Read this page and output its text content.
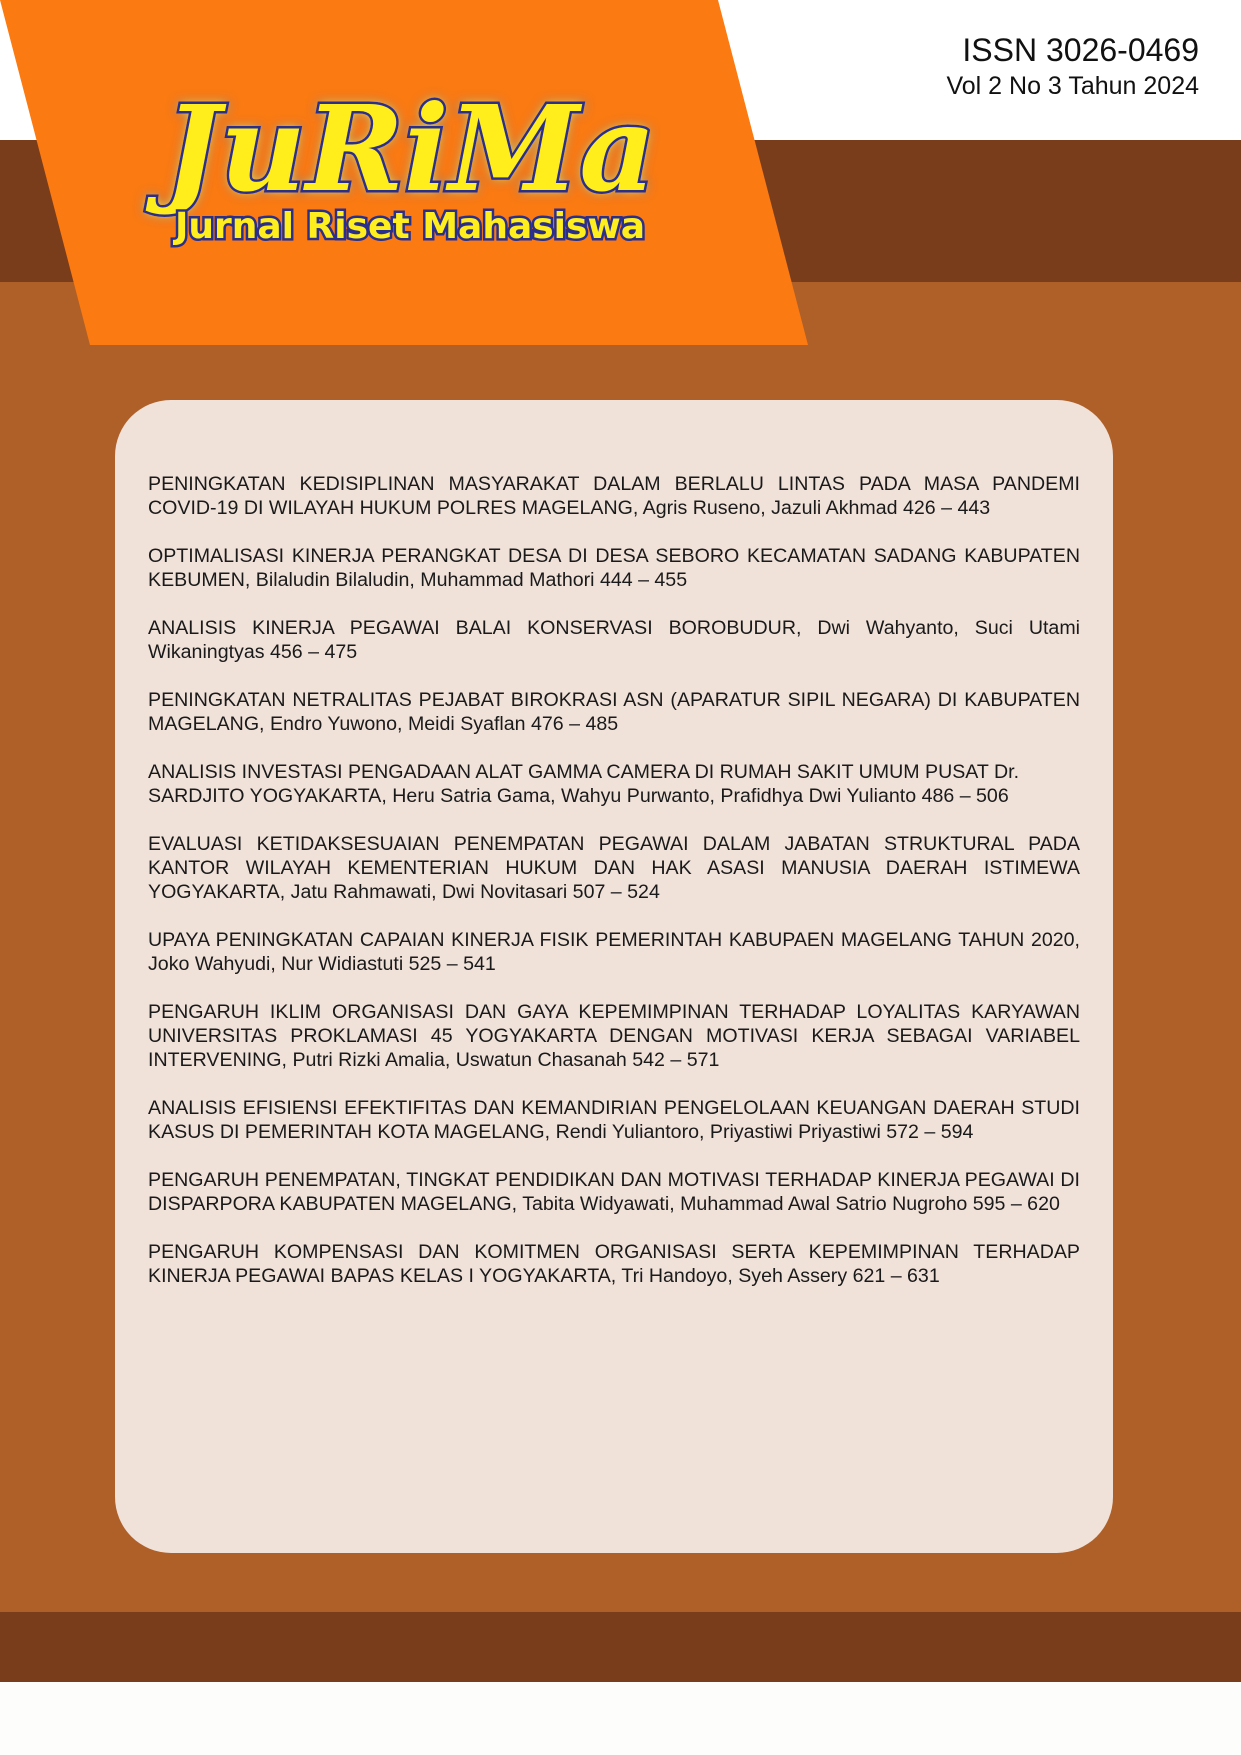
JuRiMa
Jurnal Riset Mahasiswa
ISSN 3026-0469
Vol 2 No 3 Tahun 2024

PENINGKATAN KEDISIPLINAN MASYARAKAT DALAM BERLALU LINTAS PADA MASA PANDEMI COVID-19 DI WILAYAH HUKUM POLRES MAGELANG, Agris Ruseno, Jazuli Akhmad 426 – 443

OPTIMALISASI KINERJA PERANGKAT DESA DI DESA SEBORO KECAMATAN SADANG KABUPATEN KEBUMEN, Bilaludin Bilaludin, Muhammad Mathori 444 – 455

ANALISIS KINERJA PEGAWAI BALAI KONSERVASI BOROBUDUR, Dwi Wahyanto, Suci Utami Wikaningtyas 456 – 475

PENINGKATAN NETRALITAS PEJABAT BIROKRASI ASN (APARATUR SIPIL NEGARA) DI KABUPATEN MAGELANG, Endro Yuwono, Meidi Syaflan 476 – 485

ANALISIS INVESTASI PENGADAAN ALAT GAMMA CAMERA DI RUMAH SAKIT UMUM PUSAT Dr. SARDJITO YOGYAKARTA, Heru Satria Gama, Wahyu Purwanto, Prafidhya Dwi Yulianto 486 – 506

EVALUASI KETIDAKSESUAIAN PENEMPATAN PEGAWAI DALAM JABATAN STRUKTURAL PADA KANTOR WILAYAH KEMENTERIAN HUKUM DAN HAK ASASI MANUSIA DAERAH ISTIMEWA YOGYAKARTA, Jatu Rahmawati, Dwi Novitasari 507 – 524

UPAYA PENINGKATAN CAPAIAN KINERJA FISIK PEMERINTAH KABUPAEN MAGELANG TAHUN 2020, Joko Wahyudi, Nur Widiastuti 525 – 541

PENGARUH IKLIM ORGANISASI DAN GAYA KEPEMIMPINAN TERHADAP LOYALITAS KARYAWAN UNIVERSITAS PROKLAMASI 45 YOGYAKARTA DENGAN MOTIVASI KERJA SEBAGAI VARIABEL INTERVENING, Putri Rizki Amalia, Uswatun Chasanah 542 – 571

ANALISIS EFISIENSI EFEKTIFITAS DAN KEMANDIRIAN PENGELOLAAN KEUANGAN DAERAH STUDI KASUS DI PEMERINTAH KOTA MAGELANG, Rendi Yuliantoro, Priyastiwi Priyastiwi 572 – 594

PENGARUH PENEMPATAN, TINGKAT PENDIDIKAN DAN MOTIVASI TERHADAP KINERJA PEGAWAI DI DISPARPORA KABUPATEN MAGELANG, Tabita Widyawati, Muhammad Awal Satrio Nugroho 595 – 620

PENGARUH KOMPENSASI DAN KOMITMEN ORGANISASI SERTA KEPEMIMPINAN TERHADAP KINERJA PEGAWAI BAPAS KELAS I YOGYAKARTA, Tri Handoyo, Syeh Assery 621 – 631
